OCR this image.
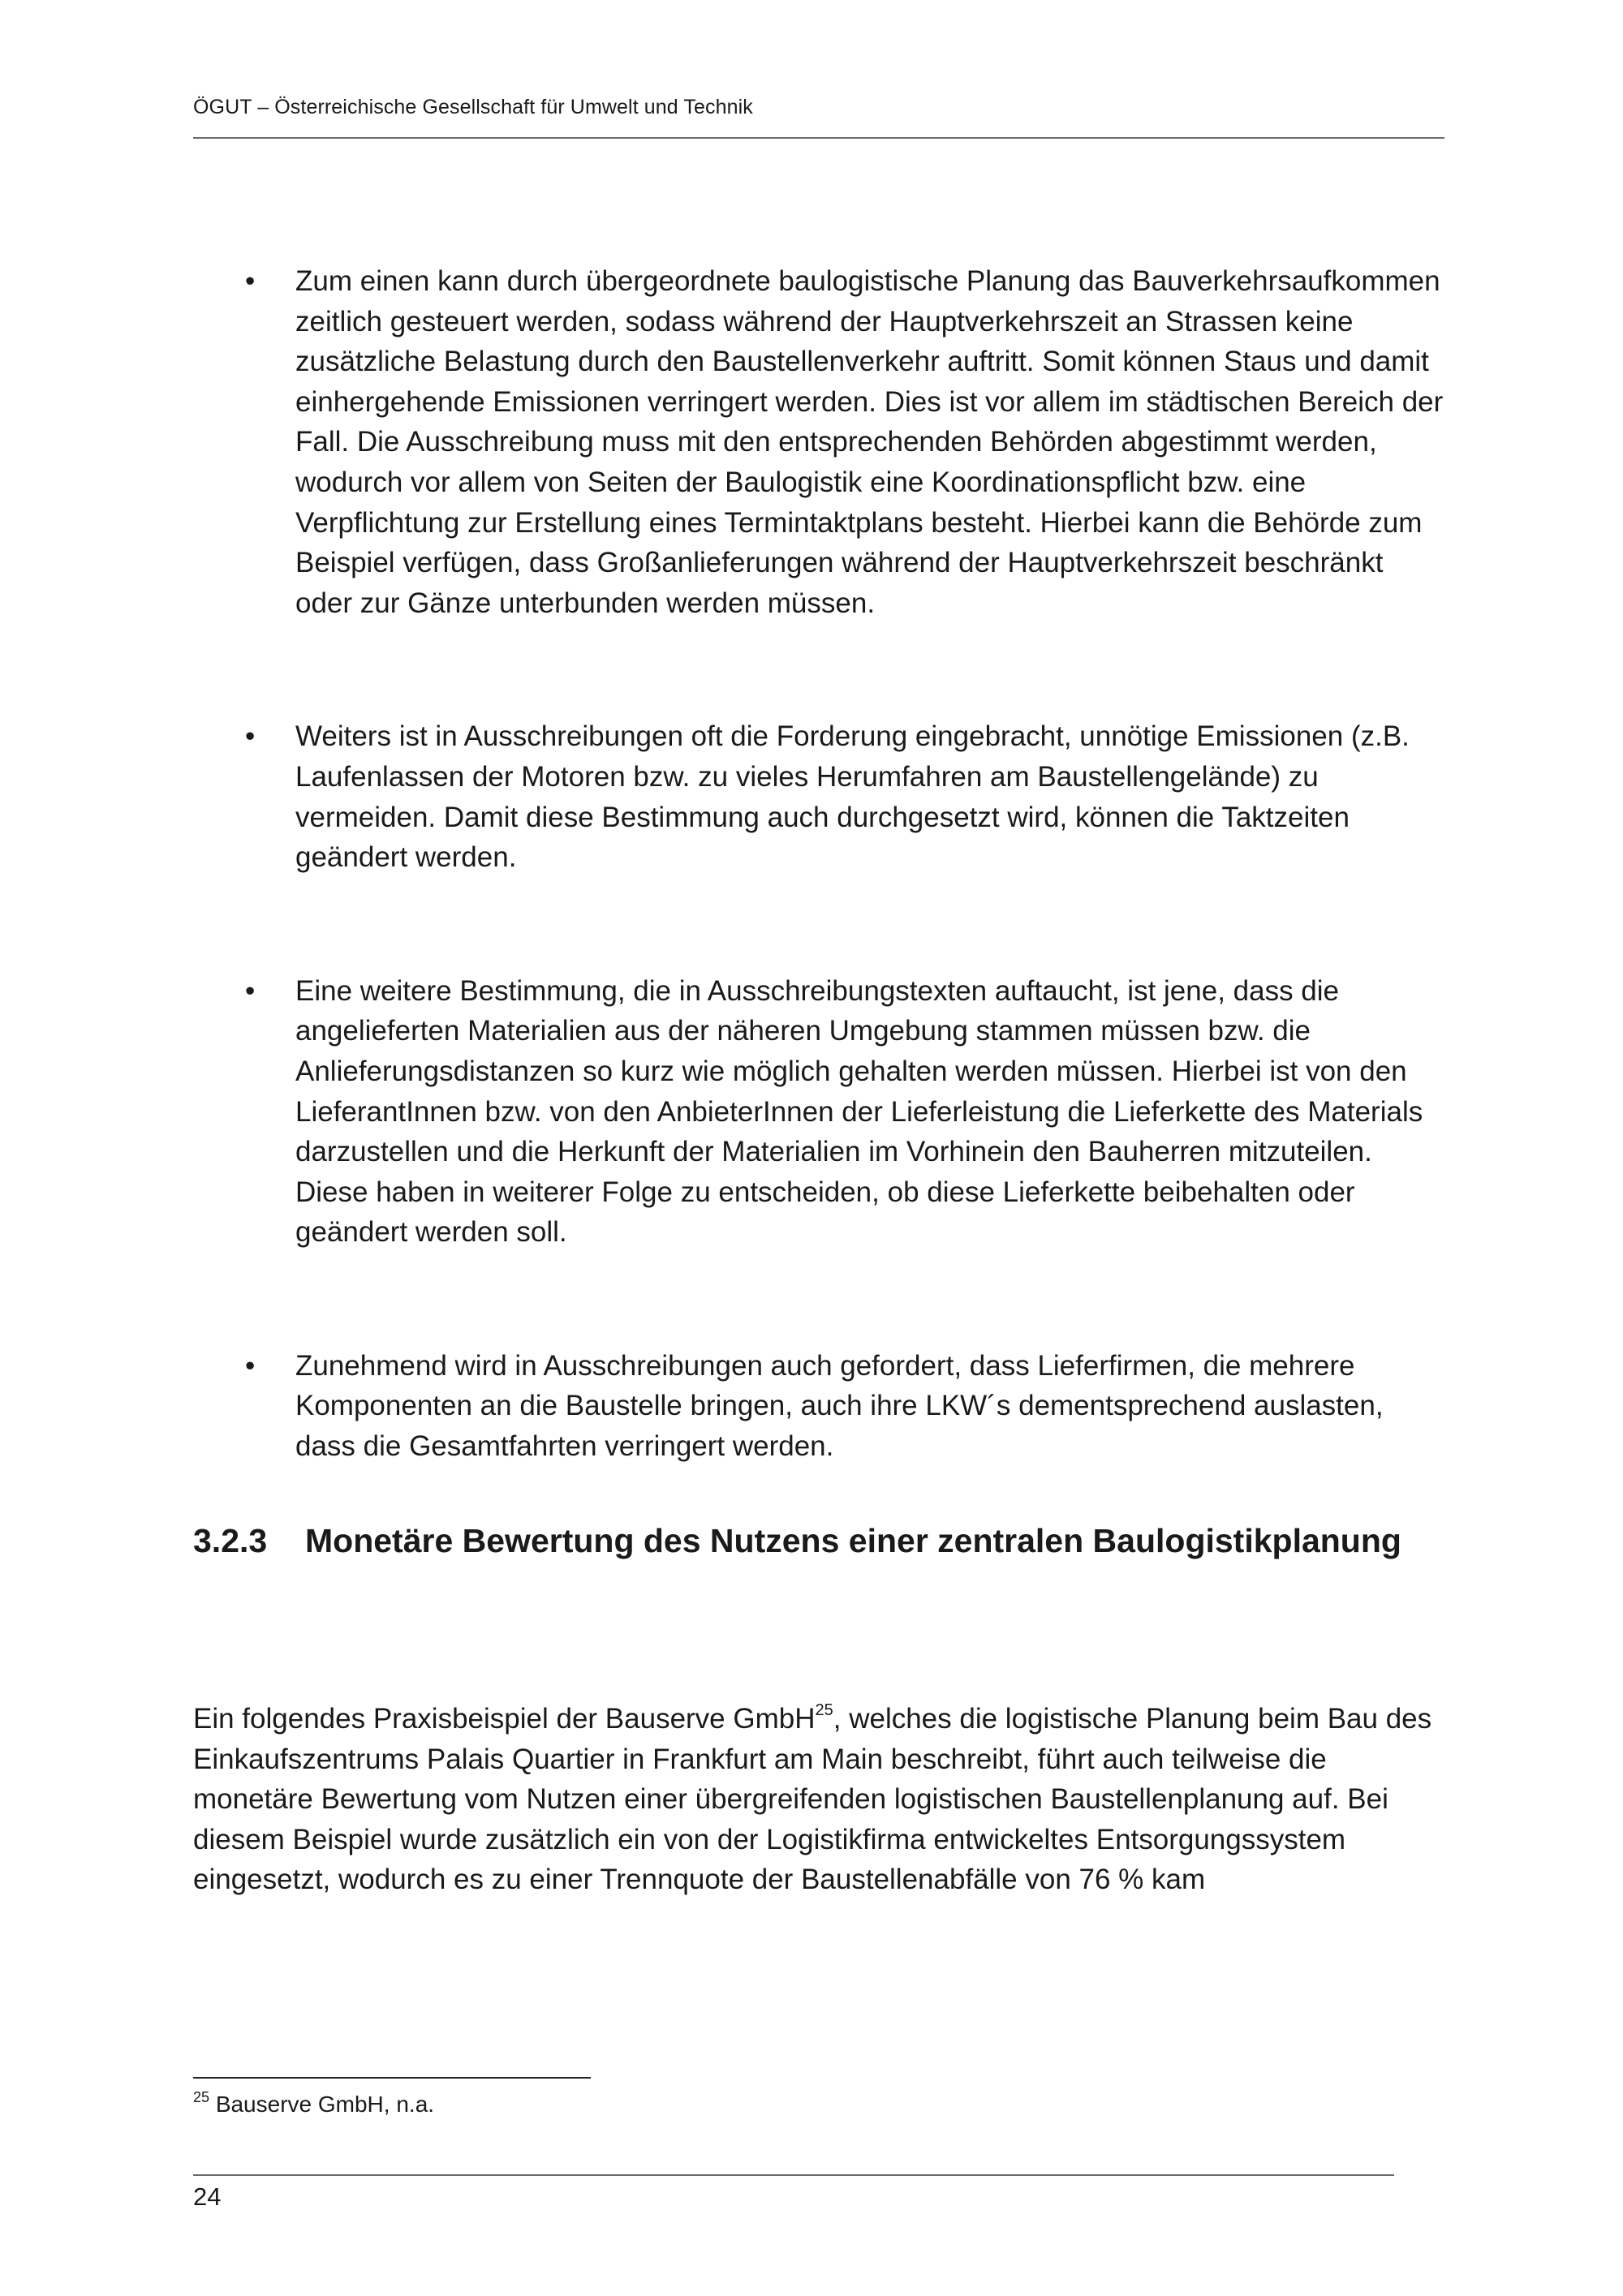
ÖGUT – Österreichische Gesellschaft für Umwelt und Technik
• Zum einen kann durch übergeordnete baulogistische Planung das Bauverkehrsaufkommen zeitlich gesteuert werden, sodass während der Hauptverkehrszeit an Strassen keine zusätzliche Belastung durch den Baustellenverkehr auftritt. Somit können Staus und damit einhergehende Emissionen verringert werden. Dies ist vor allem im städtischen Bereich der Fall. Die Ausschreibung muss mit den entsprechenden Behörden abgestimmt werden, wodurch vor allem von Seiten der Baulogistik eine Koordinationspflicht bzw. eine Verpflichtung zur Erstellung eines Termintaktplans besteht. Hierbei kann die Behörde zum Beispiel verfügen, dass Großanlieferungen während der Hauptverkehrszeit beschränkt oder zur Gänze unterbunden werden müssen.
• Weiters ist in Ausschreibungen oft die Forderung eingebracht, unnötige Emissionen (z.B. Laufenlassen der Motoren bzw. zu vieles Herumfahren am Baustellengelände) zu vermeiden. Damit diese Bestimmung auch durchgesetzt wird, können die Taktzeiten geändert werden.
• Eine weitere Bestimmung, die in Ausschreibungstexten auftaucht, ist jene, dass die angelieferten Materialien aus der näheren Umgebung stammen müssen bzw. die Anlieferungsdistanzen so kurz wie möglich gehalten werden müssen. Hierbei ist von den LieferantInnen bzw. von den AnbieterInnen der Lieferleistung die Lieferkette des Materials darzustellen und die Herkunft der Materialien im Vorhinein den Bauherren mitzuteilen. Diese haben in weiterer Folge zu entscheiden, ob diese Lieferkette beibehalten oder geändert werden soll.
• Zunehmend wird in Ausschreibungen auch gefordert, dass Lieferfirmen, die mehrere Komponenten an die Baustelle bringen, auch ihre LKW´s dementsprechend auslasten, dass die Gesamtfahrten verringert werden.
3.2.3	Monetäre Bewertung des Nutzens einer zentralen Baulogistikplanung
Ein folgendes Praxisbeispiel der Bauserve GmbH$^{25}$, welches die logistische Planung beim Bau des Einkaufszentrums Palais Quartier in Frankfurt am Main beschreibt, führt auch teilweise die monetäre Bewertung vom Nutzen einer übergreifenden logistischen Baustellenplanung auf. Bei diesem Beispiel wurde zusätzlich ein von der Logistikfirma entwickeltes Entsorgungssystem eingesetzt, wodurch es zu einer Trennquote der Baustellenabfälle von 76 % kam
$^{25}$ Bauserve GmbH, n.a.
24
